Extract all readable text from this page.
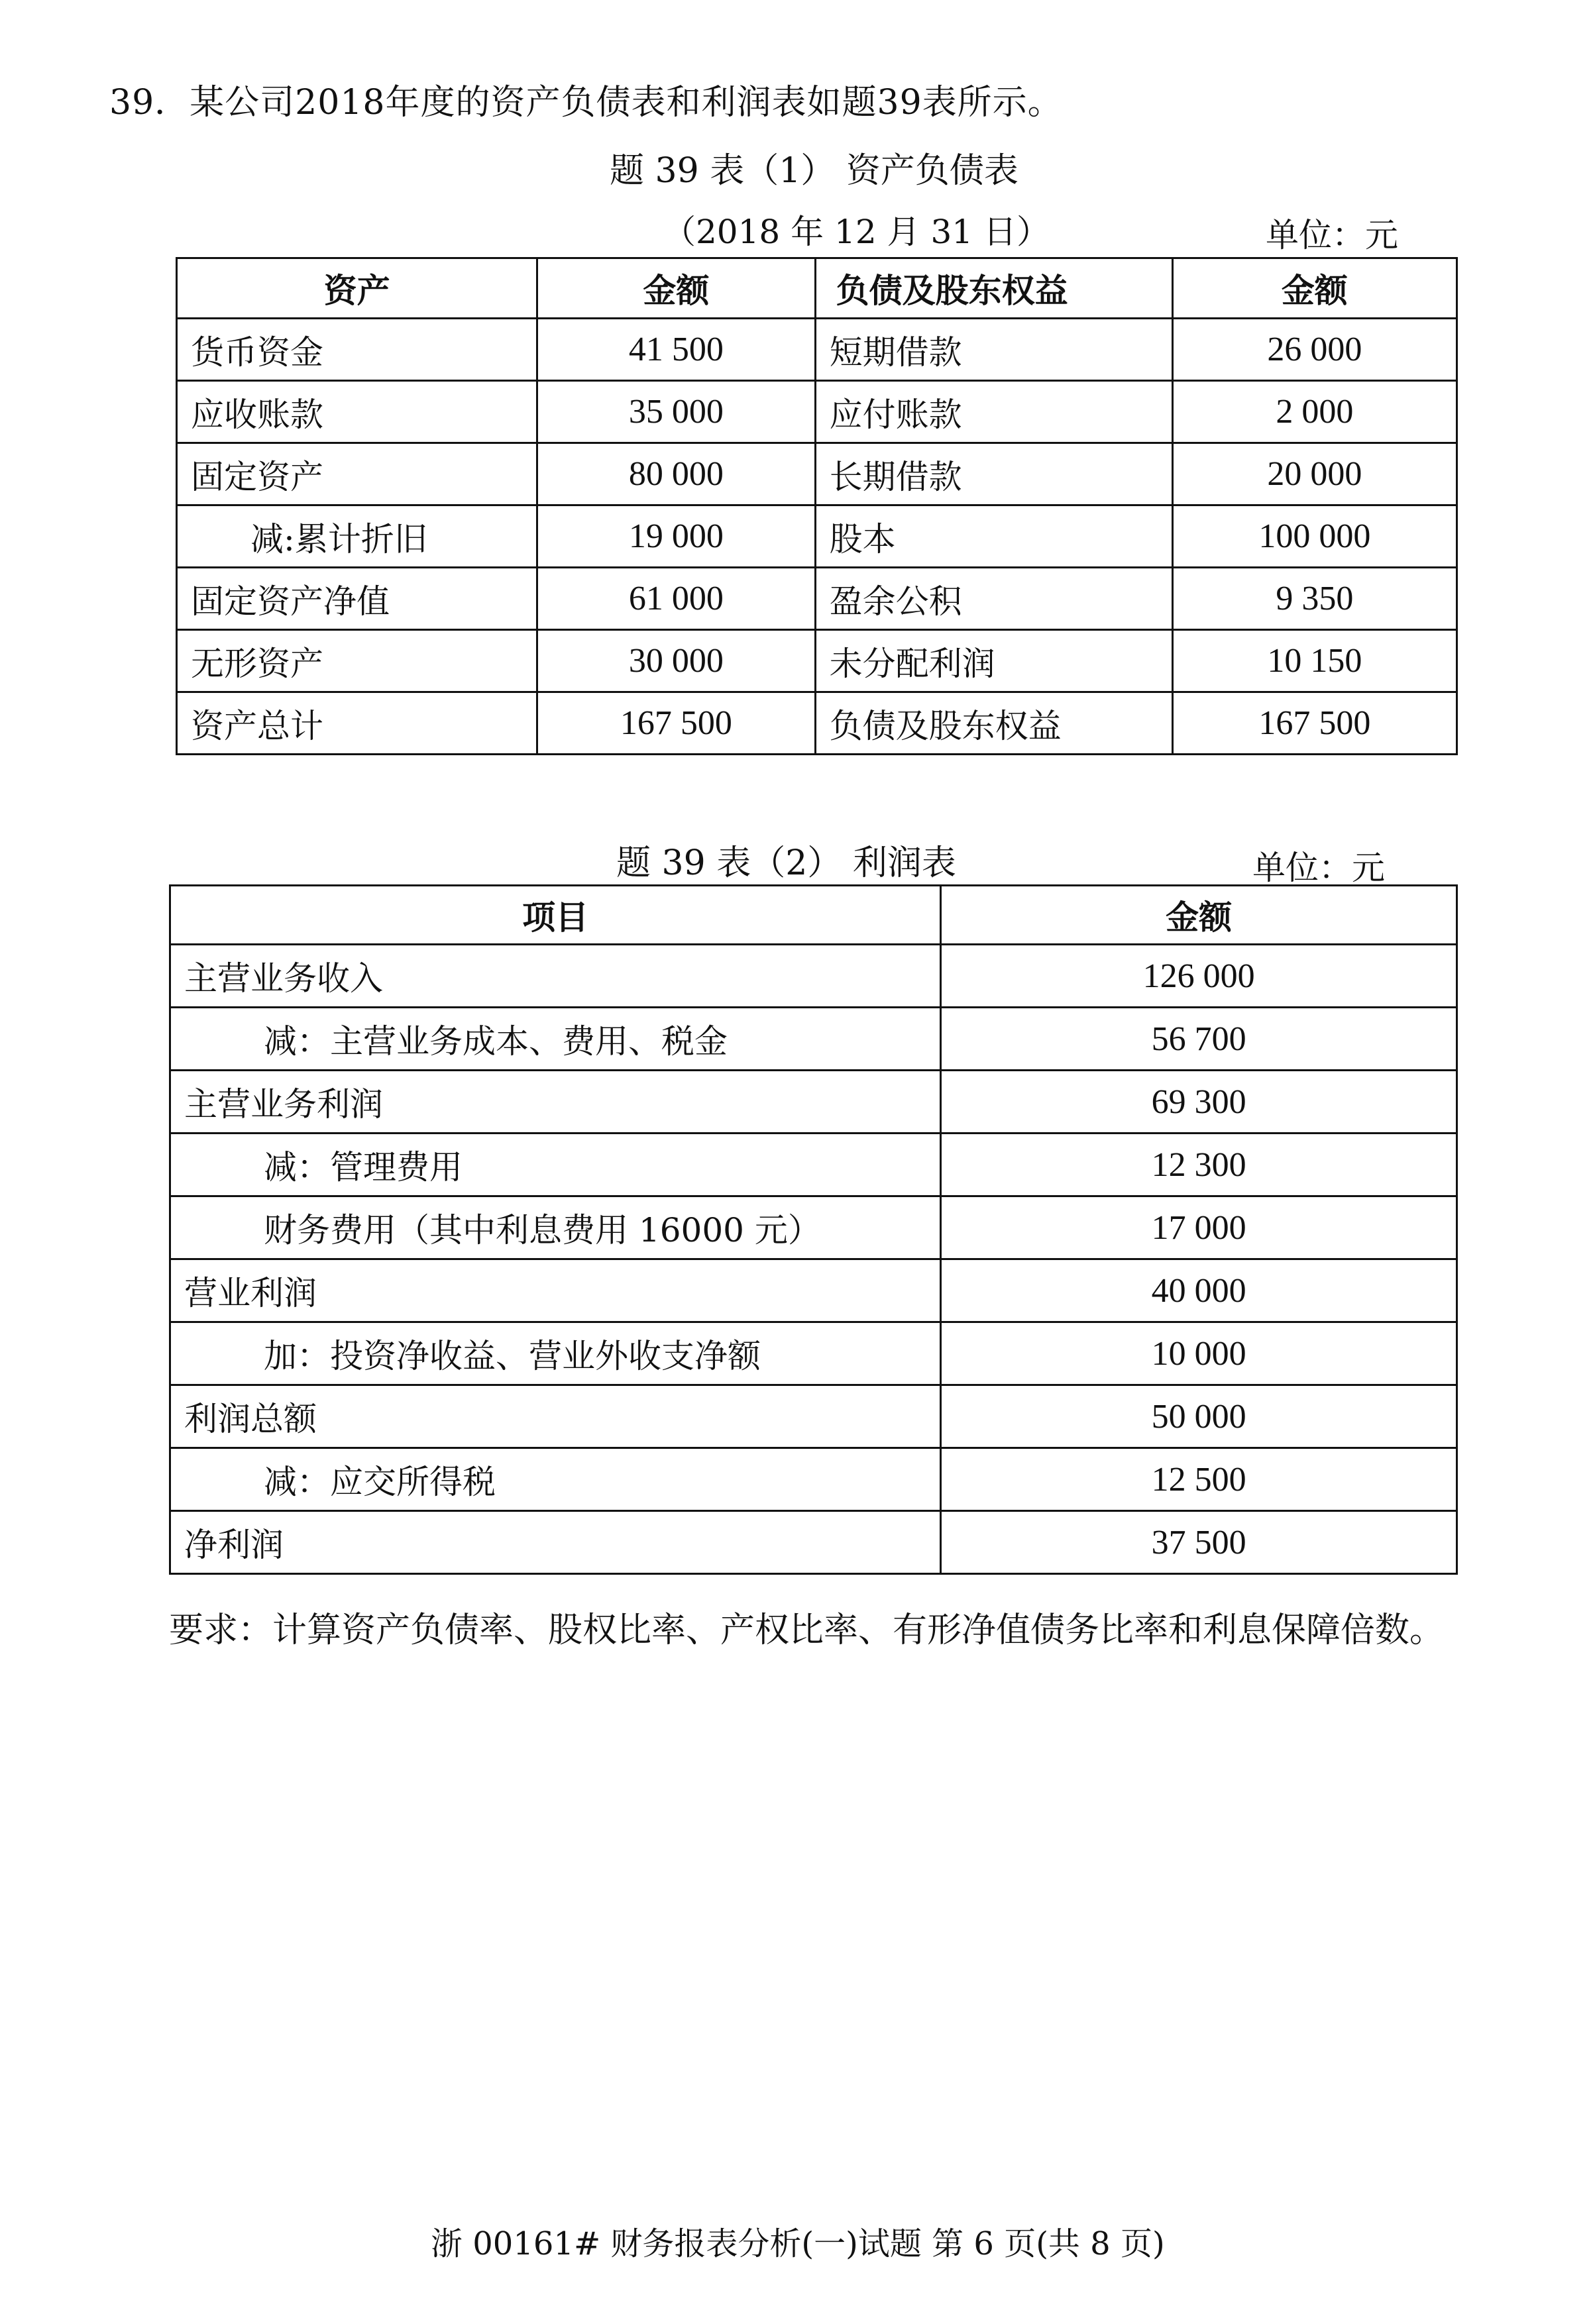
39．某公司2018年度的资产负债表和利润表如题39表所示。
题 39 表（1） 资产负债表
（2018 年 12 月 31 日）	单位：元
资产	金额	负债及股东权益	金额
货币资金	41 500	短期借款	26 000
应收账款	35 000	应付账款	2 000
固定资产	80 000	长期借款	20 000
减:累计折旧	19 000	股本	100 000
固定资产净值	61 000	盈余公积	9 350
无形资产	30 000	未分配利润	10 150
资产总计	167 500	负债及股东权益	167 500
题 39 表（2） 利润表	单位：元
项目	金额
主营业务收入	126 000
减：主营业务成本、费用、税金	56 700
主营业务利润	69 300
减：管理费用	12 300
财务费用（其中利息费用 16000 元）	17 000
营业利润	40 000
加：投资净收益、营业外收支净额	10 000
利润总额	50 000
减：应交所得税	12 500
净利润	37 500
要求：计算资产负债率、股权比率、产权比率、有形净值债务比率和利息保障倍数。
浙 00161# 财务报表分析(一)试题 第 6 页(共 8 页)
